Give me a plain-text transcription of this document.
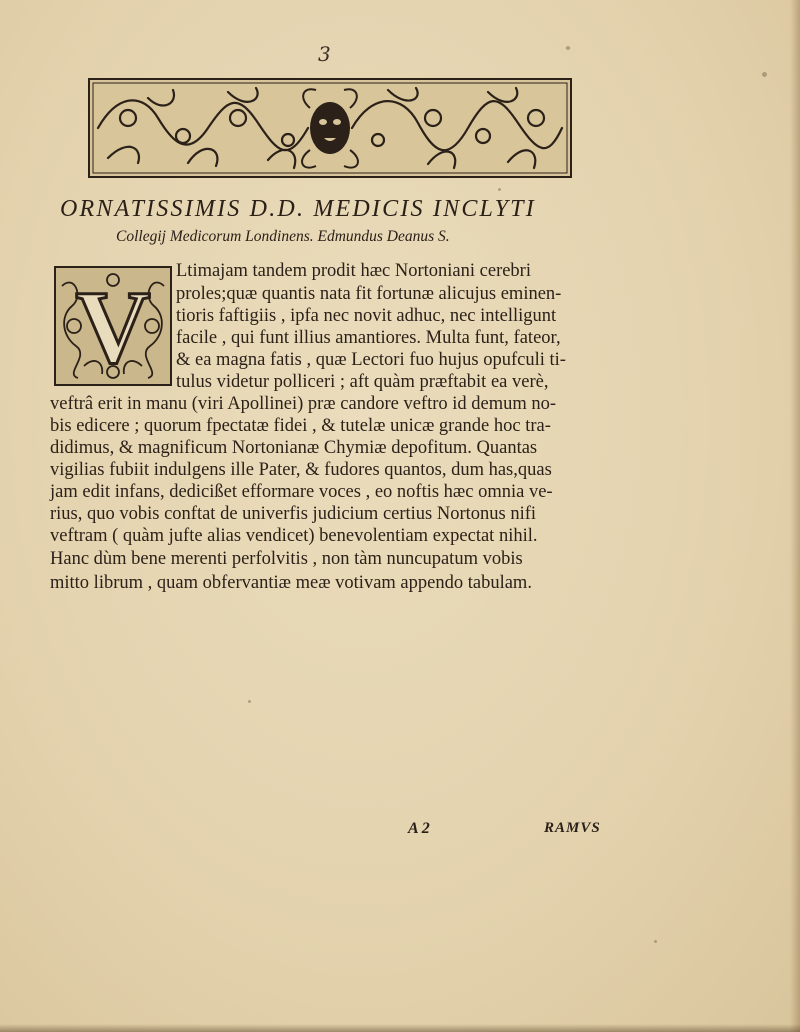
3
ORNATISSIMIS D.D. MEDICIS INCLYTI
Collegij Medicorum Londinens. Edmundus Deanus S.
V Ltimajam tandem prodit hæc Nortoniani cerebri
proles;quæ quantis nata fit fortunæ alicujus eminen-
tioris faftigiis , ipfa nec novit adhuc, nec intelligunt
facile , qui funt illius amantiores. Multa funt, fateor,
& ea magna fatis , quæ Lectori fuo hujus opufculi ti-
tulus videtur polliceri ; aft quàm præftabit ea verè,
veftrâ erit in manu (viri Apollinei) præ candore veftro id demum no-
bis edicere ; quorum fpectatæ fidei , & tutelæ unicæ grande hoc tra-
didimus, & magnificum Nortonianæ Chymiæ depofitum. Quantas
vigilias fubiit indulgens ille Pater, & fudores quantos, dum has,quas
jam edit infans, dedicißet efformare voces , eo noftis hæc omnia ve-
rius, quo vobis conftat de univerfis judicium certius Nortonus nifi
veftram ( quàm jufte alias vendicet) benevolentiam expectat nihil.
Hanc dùm bene merenti perfolvitis , non tàm nuncupatum vobis
mitto librum , quam obfervantiæ meæ votivam appendo tabulam.
A 2	RAMVS
